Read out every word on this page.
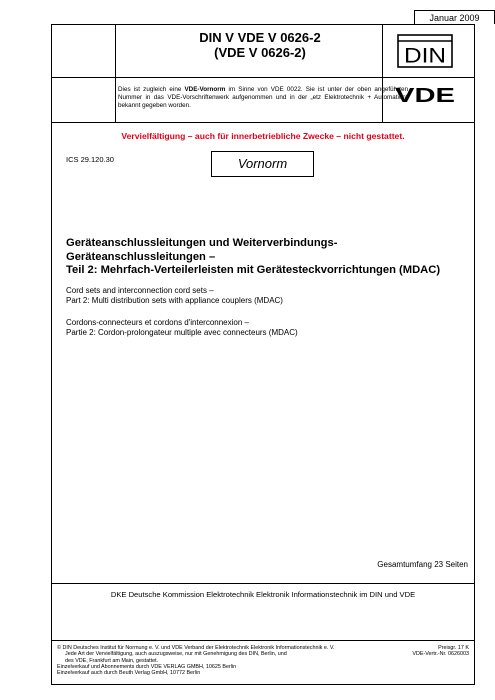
Januar 2009
DIN V VDE V 0626-2
(VDE V 0626-2)	DIN
VDE
Dies ist zugleich eine VDE-Vornorm im Sinne von VDE 0022. Sie ist unter der oben angeführten Nummer in das VDE-Vorschriftenwerk aufgenommen und in der „etz Elektrotechnik + Automation“ bekannt gegeben worden.
Vervielfältigung – auch für innerbetriebliche Zwecke – nicht gestattet.
ICS 29.120.30	Vornorm
Geräteanschlussleitungen und Weiterverbindungs-
Geräteanschlussleitungen –
Teil 2: Mehrfach-Verteilerleisten mit Gerätesteckvorrichtungen (MDAC)
Cord sets and interconnection cord sets –
Part 2: Multi distribution sets with appliance couplers (MDAC)
Cordons-connecteurs et cordons d'interconnexion –
Partie 2: Cordon-prolongateur multiple avec connecteurs (MDAC)
Gesamtumfang 23 Seiten
DKE Deutsche Kommission Elektrotechnik Elektronik Informationstechnik im DIN und VDE
© DIN Deutsches Institut für Normung e. V. und VDE Verband der Elektrotechnik Elektronik Informationstechnik e. V.
Jede Art der Vervielfältigung, auch auszugsweise, nur mit Genehmigung des DIN, Berlin, und
des VDE, Frankfurt am Main, gestattet.
Einzelverkauf und Abonnements durch VDE VERLAG GMBH, 10625 Berlin
Einzelverkauf auch durch Beuth Verlag GmbH, 10772 Berlin
Preisgr. 17 K
VDE-Vertr.-Nr. 0626003
